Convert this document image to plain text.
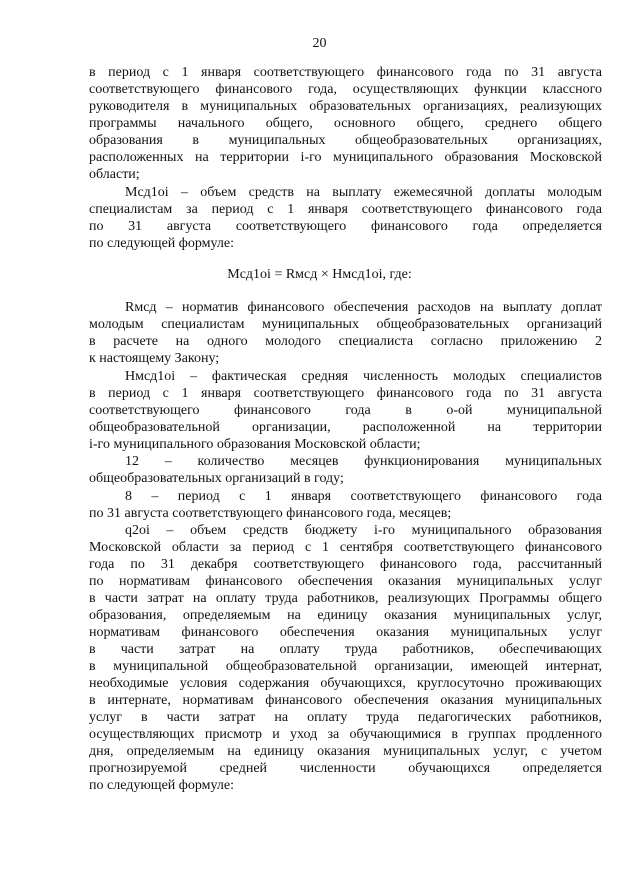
20
в период с 1 января соответствующего финансового года по 31 августа
соответствующего финансового года, осуществляющих функции классного
руководителя в муниципальных образовательных организациях, реализующих
программы начального общего, основного общего, среднего общего
образования в муниципальных общеобразовательных организациях,
расположенных на территории i-го муниципального образования Московской
области;
Мсд1оі – объем средств на выплату ежемесячной доплаты молодым
специалистам за период с 1 января соответствующего финансового года
по 31 августа соответствующего финансового года определяется
по следующей формуле:
Мсд1оі = Rмсд × Нмсд1оі, где:
Rмсд – норматив финансового обеспечения расходов на выплату доплат
молодым специалистам муниципальных общеобразовательных организаций
в расчете на одного молодого специалиста согласно приложению 2
к настоящему Закону;
Нмсд1оі – фактическая средняя численность молодых специалистов
в период с 1 января соответствующего финансового года по 31 августа
соответствующего финансового года в о-ой муниципальной
общеобразовательной организации, расположенной на территории
i-го муниципального образования Московской области;
12 – количество месяцев функционирования муниципальных
общеобразовательных организаций в году;
8 – период с 1 января соответствующего финансового года
по 31 августа соответствующего финансового года, месяцев;
q2оі – объем средств бюджету i-го муниципального образования
Московской области за период с 1 сентября соответствующего финансового
года по 31 декабря соответствующего финансового года, рассчитанный
по нормативам финансового обеспечения оказания муниципальных услуг
в части затрат на оплату труда работников, реализующих Программы общего
образования, определяемым на единицу оказания муниципальных услуг,
нормативам финансового обеспечения оказания муниципальных услуг
в части затрат на оплату труда работников, обеспечивающих
в муниципальной общеобразовательной организации, имеющей интернат,
необходимые условия содержания обучающихся, круглосуточно проживающих
в интернате, нормативам финансового обеспечения оказания муниципальных
услуг в части затрат на оплату труда педагогических работников,
осуществляющих присмотр и уход за обучающимися в группах продленного
дня, определяемым на единицу оказания муниципальных услуг, с учетом
прогнозируемой средней численности обучающихся определяется
по следующей формуле:
